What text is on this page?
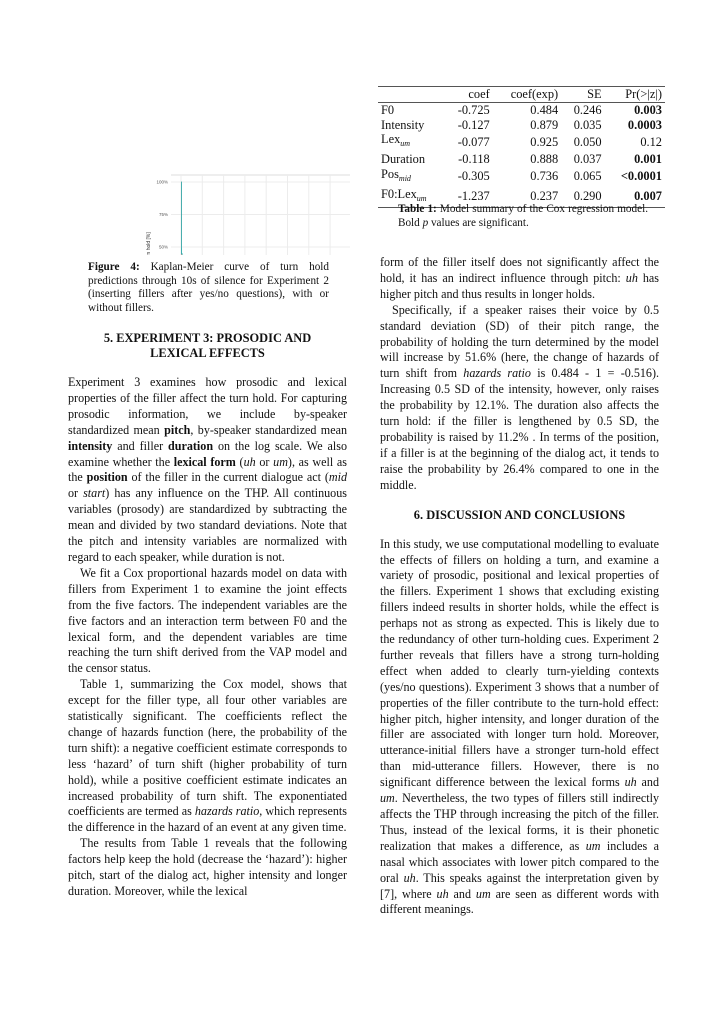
50%
75%
100%
Turn hold [%]

Figure 4: Kaplan-Meier curve of turn hold predictions through 10s of silence for Experiment 2 (inserting fillers after yes/no questions), with or without fillers.

5. EXPERIMENT 3: PROSODIC AND

LEXICAL EFFECTS

Experiment 3 examines how prosodic and lexical properties of the filler affect the turn hold. For capturing prosodic information, we include by-speaker standardized mean pitch, by-speaker standardized mean intensity and filler duration on the log scale. We also examine whether the lexical form (uh or um), as well as the position of the filler in the current dialogue act (mid or start) has any influence on the THP. All continuous variables (prosody) are standardized by subtracting the mean and divided by two standard deviations. Note that the pitch and intensity variables are normalized with regard to each speaker, while duration is not.

We fit a Cox proportional hazards model on data with fillers from Experiment 1 to examine the joint effects from the five factors. The independent variables are the five factors and an interaction term between F0 and the lexical form, and the dependent variables are time reaching the turn shift derived from the VAP model and the censor status.

Table 1, summarizing the Cox model, shows that except for the filler type, all four other variables are statistically significant. The coefficients reflect the change of hazards function (here, the probability of the turn shift): a negative coefficient estimate corresponds to less ‘hazard’ of turn shift (higher probability of turn hold), while a positive coefficient estimate indicates an increased probability of turn shift. The exponentiated coefficients are termed as hazards ratio, which represents the difference in the hazard of an event at any given time.

The results from Table 1 reveals that the following factors help keep the hold (decrease the ‘hazard’): higher pitch, start of the dialog act, higher intensity and longer duration. Moreover, while the lexical

	coef	coef(exp)	SE	Pr(>|z|)
F0	-0.725	0.484	0.246	0.003
Intensity	-0.127	0.879	0.035	0.0003
Lex$_{um}$	-0.077	0.925	0.050	0.12
Duration	-0.118	0.888	0.037	0.001
Pos$_{mid}$	-0.305	0.736	0.065	<0.0001
F0:Lex$_{um}$	-1.237	0.237	0.290	0.007

Table 1: Model summary of the Cox regression model. Bold p values are significant.

form of the filler itself does not significantly affect the hold, it has an indirect influence through pitch: uh has higher pitch and thus results in longer holds.

Specifically, if a speaker raises their voice by 0.5 standard deviation (SD) of their pitch range, the probability of holding the turn determined by the model will increase by 51.6% (here, the change of hazards of turn shift from hazards ratio is 0.484 - 1 = -0.516). Increasing 0.5 SD of the intensity, however, only raises the probability by 12.1%. The duration also affects the turn hold: if the filler is lengthened by 0.5 SD, the probability is raised by 11.2% . In terms of the position, if a filler is at the beginning of the dialog act, it tends to raise the probability by 26.4% compared to one in the middle.

6. DISCUSSION AND CONCLUSIONS

In this study, we use computational modelling to evaluate the effects of fillers on holding a turn, and examine a variety of prosodic, positional and lexical properties of the fillers. Experiment 1 shows that excluding existing fillers indeed results in shorter holds, while the effect is perhaps not as strong as expected. This is likely due to the redundancy of other turn-holding cues. Experiment 2 further reveals that fillers have a strong turn-holding effect when added to clearly turn-yielding contexts (yes/no questions). Experiment 3 shows that a number of properties of the filler contribute to the turn-hold effect: higher pitch, higher intensity, and longer duration of the filler are associated with longer turn hold. Moreover, utterance-initial fillers have a stronger turn-hold effect than mid-utterance fillers. However, there is no significant difference between the lexical forms uh and um. Nevertheless, the two types of fillers still indirectly affects the THP through increasing the pitch of the filler. Thus, instead of the lexical forms, it is their phonetic realization that makes a difference, as um includes a nasal which associates with lower pitch compared to the oral uh. This speaks against the interpretation given by [7], where uh and um are seen as different words with different meanings.
